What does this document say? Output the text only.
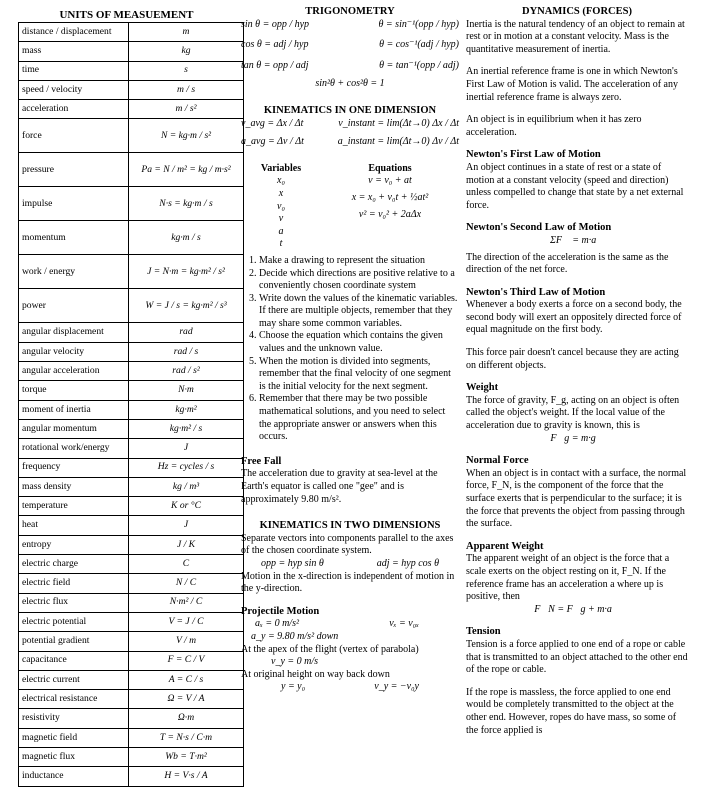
UNITS OF MEASUEMENT
distance / displacement	m
mass	kg
time	s
speed / velocity	m / s
acceleration	m / s²
force	N = kg·m / s²
pressure	Pa = N / m² = kg / m·s²
impulse	N·s = kg·m / s
momentum	kg·m / s
work / energy	J = N·m = kg·m² / s²
power	W = J / s = kg·m² / s³
angular displacement	rad
angular velocity	rad / s
angular acceleration	rad / s²
torque	N·m
moment of inertia	kg·m²
angular momentum	kg·m² / s
rotational work/energy	J
frequency	Hz = cycles / s
mass density	kg / m³
temperature	K or °C
heat	J
entropy	J / K
electric charge	C
electric field	N / C
electric flux	N·m² / C
electric potential	V = J / C
potential gradient	V / m
capacitance	F = C / V
electric current	A = C / s
electrical resistance	Ω = V / A
resistivity	Ω·m
magnetic field	T = N·s / C·m
magnetic flux	Wb = T·m²
inductance	H = V·s / A
TRIGONOMETRY
sin θ = opp / hyp	θ = sin⁻¹(opp / hyp)
cos θ = adj / hyp	θ = cos⁻¹(adj / hyp)
tan θ = opp / adj	θ = tan⁻¹(opp / adj)
sin²θ + cos²θ = 1
KINEMATICS IN ONE DIMENSION
v_avg = Δx / Δt	v_instant = lim(Δt→0) Δx / Δt
a_avg = Δv / Δt	a_instant = lim(Δt→0) Δv / Δt
Variables
x₀
x
v₀
v
a
t
Equations
v = v₀ + at
x = x₀ + v₀t + ½at²
v² = v₀² + 2aΔx
1. Make a drawing to represent the situation
2. Decide which directions are positive relative to a conveniently chosen coordinate system
3. Write down the values of the kinematic variables. If there are multiple objects, remember that they may share some common variables.
4. Choose the equation which contains the given values and the unknown value.
5. When the motion is divided into segments, remember that the final velocity of one segment is the initial velocity for the next segment.
6. Remember that there may be two possible mathematical solutions, and you need to select the appropriate answer or answers when this occurs.
Free Fall

The acceleration due to gravity at sea-level at the Earth's equator is called one "gee" and is approximately 9.80 m/s².

KINEMATICS IN TWO DIMENSIONS

Separate vectors into components parallel to the axes of the chosen coordinate system.

opp = hyp sin θ	adj = hyp cos θ

Motion in the x-direction is independent of motion in the y-direction.

Projectile Motion
aₓ = 0 m/s²	vₓ = v₀ₓ
a_y = 9.80 m/s² down

At the apex of the flight (vertex of parabola)

v_y = 0 m/s

At original height on way back down

y = y₀	v_y = −v₀y
DYNAMICS (FORCES)

Inertia is the natural tendency of an object to remain at rest or in motion at a constant velocity. Mass is the quantitative measurement of inertia.

An inertial reference frame is one in which Newton's First Law of Motion is valid. The acceleration of any inertial reference frame is always zero.

An object is in equilibrium when it has zero acceleration.

Newton's First Law of Motion

An object continues in a state of rest or a state of motion at a constant velocity (speed and direction) unless compelled to change that state by a net external force.

Newton's Second Law of Motion
ΣF⃗ = m·a⃗

The direction of the acceleration is the same as the direction of the net force.

Newton's Third Law of Motion

Whenever a body exerts a force on a second body, the second body will exert an oppositely directed force of equal magnitude on the first body.

This force pair doesn't cancel because they are acting on different objects.

Weight

The force of gravity, F_g, acting on an object is often called the object's weight. If the local value of the acceleration due to gravity is known, this is

F⃗g = m·g⃗
Normal Force

When an object is in contact with a surface, the normal force, F_N, is the component of the force that the surface exerts that is perpendicular to the surface; it is the force that prevents the object from passing through the surface.

Apparent Weight

The apparent weight of an object is the force that a scale exerts on the object resting on it, F_N. If the reference frame has an acceleration a where up is positive, then

F⃗N = F⃗g + m·a⃗
Tension

Tension is a force applied to one end of a rope or cable that is transmitted to an object attached to the other end of the rope or cable.

If the rope is massless, the force applied to one end would be completely transmitted to the object at the other end. However, ropes do have mass, so some of the force applied is
